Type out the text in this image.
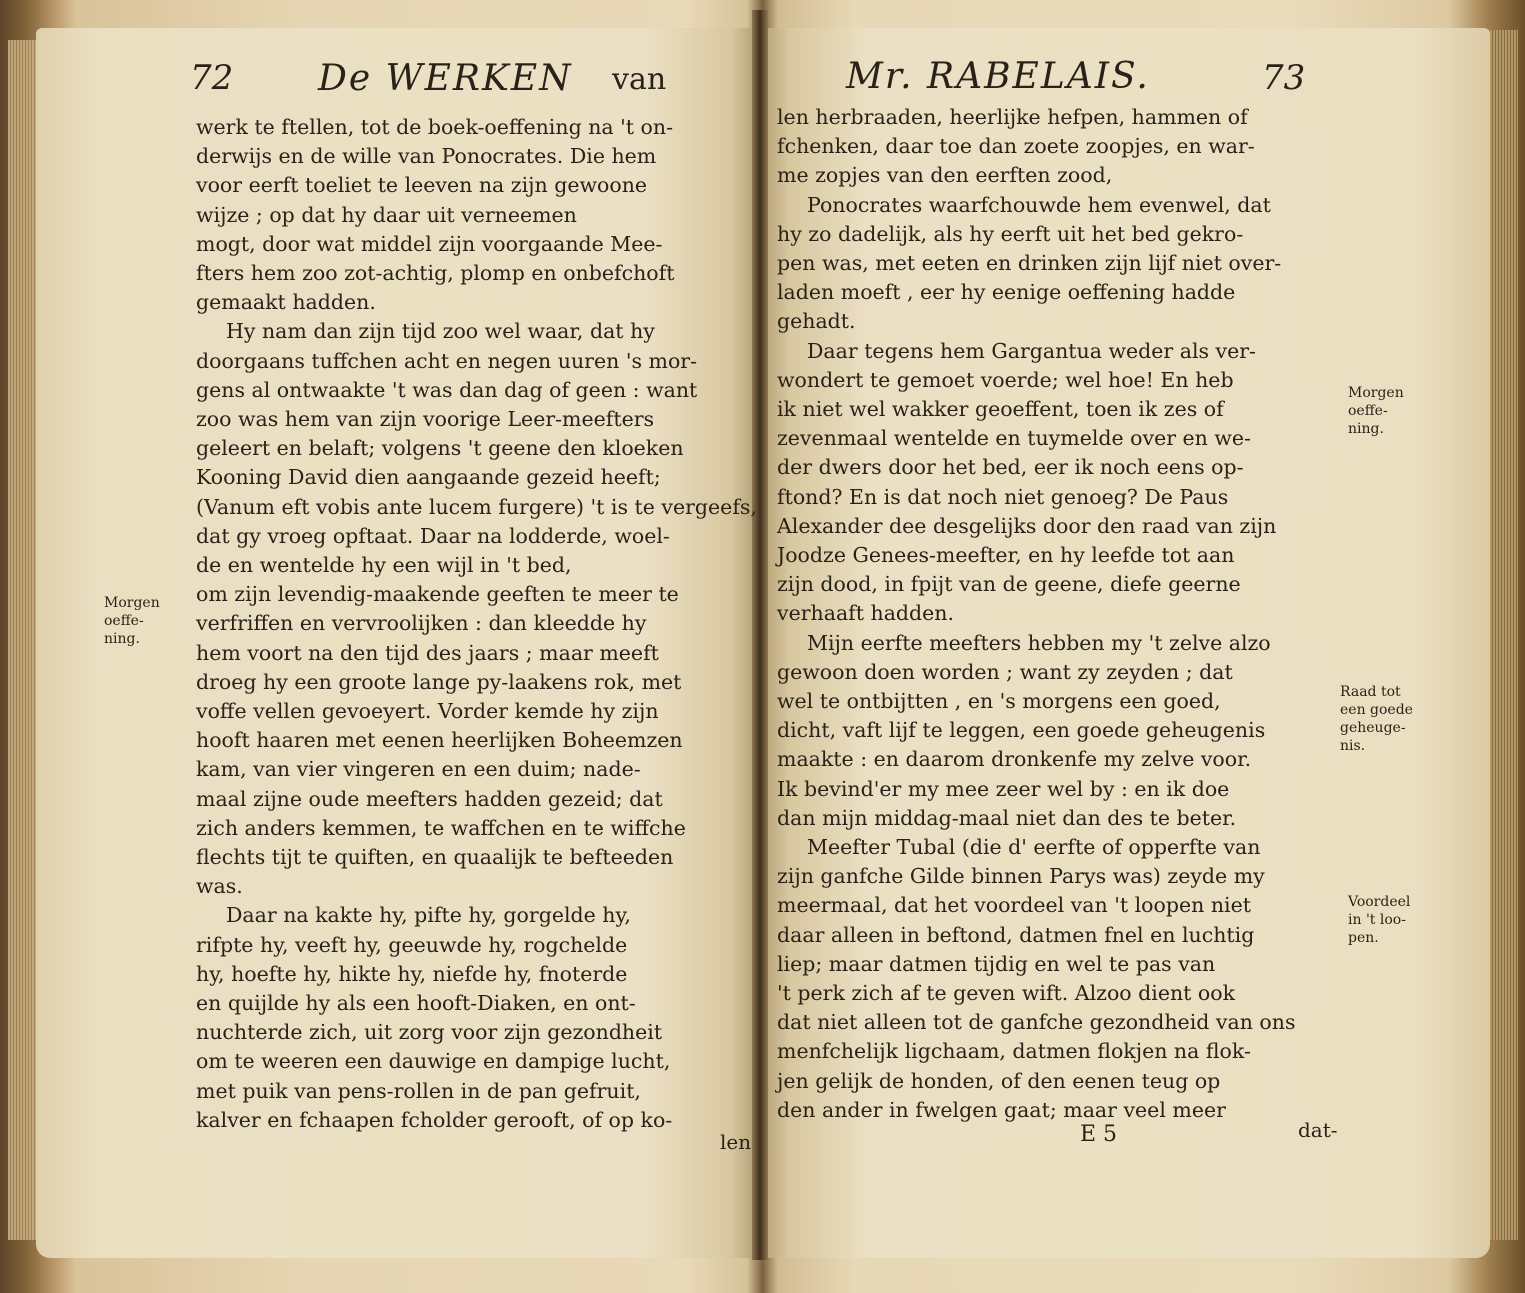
72 De WERKEN van	Mr. RABELAIS.	73
werk te ftellen, tot de boek-oeffening na 't on-
derwijs en de wille van Ponocrates. Die hem
voor eerft toeliet te leeven na zijn gewoone
wijze ; op dat hy daar uit verneemen
mogt, door wat middel zijn voorgaande Mee-
fters hem zoo zot-achtig, plomp en onbefchoft
gemaakt hadden.
Hy nam dan zijn tijd zoo wel waar, dat hy
doorgaans tuffchen acht en negen uuren 's mor-
gens al ontwaakte 't was dan dag of geen : want
zoo was hem van zijn voorige Leer-meefters
geleert en belaft; volgens 't geene den kloeken
Kooning David dien aangaande gezeid heeft;
(Vanum eft vobis ante lucem furgere) 't is te vergeefs,
dat gy vroeg opftaat. Daar na lodderde, woel-
de en wentelde hy een wijl in 't bed,
om zijn levendig-maakende geeften te meer te
verfriffen en vervroolijken : dan kleedde hy
hem voort na den tijd des jaars ; maar meeft
droeg hy een groote lange py-laakens rok, met
voffe vellen gevoeyert. Vorder kemde hy zijn
hooft haaren met eenen heerlijken Boheemzen
kam, van vier vingeren en een duim; nade-
maal zijne oude meefters hadden gezeid; dat
zich anders kemmen, te waffchen en te wiffche
flechts tijt te quiften, en quaalijk te befteeden
was.
Daar na kakte hy, pifte hy, gorgelde hy,
rifpte hy, veeft hy, geeuwde hy, rogchelde
hy, hoefte hy, hikte hy, niefde hy, fnoterde
en quijlde hy als een hooft-Diaken, en ont-
nuchterde zich, uit zorg voor zijn gezondheit
om te weeren een dauwige en dampige lucht,
met puik van pens-rollen in de pan gefruit,
kalver en fchaapen fcholder gerooft, of op ko-
len
Morgen
oeffe-
ning.
len herbraaden, heerlijke hefpen, hammen of
fchenken, daar toe dan zoete zoopjes, en war-
me zopjes van den eerften zood,
Ponocrates waarfchouwde hem evenwel, dat
hy zo dadelijk, als hy eerft uit het bed gekro-
pen was, met eeten en drinken zijn lijf niet over-
laden moeft , eer hy eenige oeffening hadde
gehadt.
Daar tegens hem Gargantua weder als ver-
wondert te gemoet voerde; wel hoe! En heb
ik niet wel wakker geoeffent, toen ik zes of
zevenmaal wentelde en tuymelde over en we-
der dwers door het bed, eer ik noch eens op-
ftond? En is dat noch niet genoeg? De Paus
Alexander dee desgelijks door den raad van zijn
Joodze Genees-meefter, en hy leefde tot aan
zijn dood, in fpijt van de geene, diefe geerne
verhaaft hadden.
Mijn eerfte meefters hebben my 't zelve alzo
gewoon doen worden ; want zy zeyden ; dat
wel te ontbijtten , en 's morgens een goed,
dicht, vaft lijf te leggen, een goede geheugenis
maakte : en daarom dronkenfe my zelve voor.
Ik bevind'er my mee zeer wel by : en ik doe
dan mijn middag-maal niet dan des te beter.
Meefter Tubal (die d' eerfte of opperfte van
zijn ganfche Gilde binnen Parys was) zeyde my
meermaal, dat het voordeel van 't loopen niet
daar alleen in beftond, datmen fnel en luchtig
liep; maar datmen tijdig en wel te pas van
't perk zich af te geven wift. Alzoo dient ook
dat niet alleen tot de ganfche gezondheid van ons
menfchelijk ligchaam, datmen flokjen na flok-
jen gelijk de honden, of den eenen teug op
den ander in fwelgen gaat; maar veel meer
E 5	dat-
Morgen
oeffe-
ning.
Raad tot
een goede
geheuge-
nis.
Voordeel
in 't loo-
pen.
